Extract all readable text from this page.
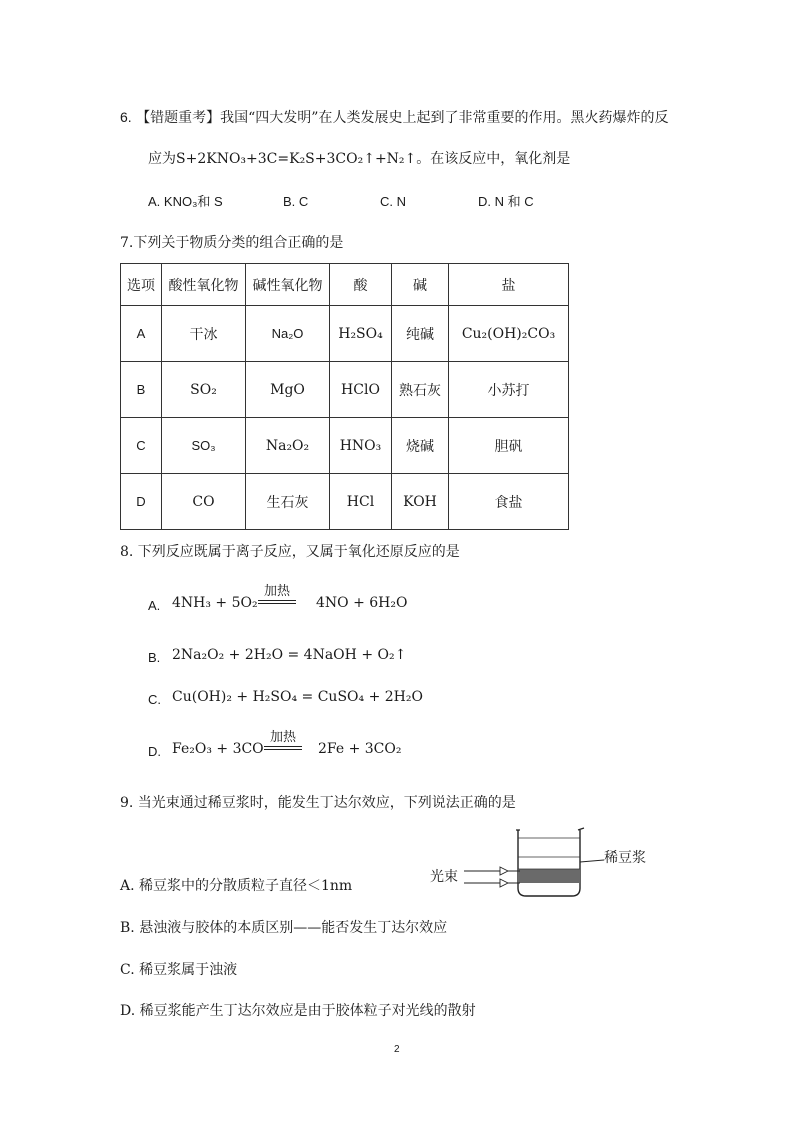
6. 【错题重考】我国“四大发明”在人类发展史上起到了非常重要的作用。黑火药爆炸的反
应为S+2KNO₃+3C=K₂S+3CO₂↑+N₂↑。在该反应中，氧化剂是
A. KNO₃和 S	B. C	C. N	D. N 和 C
7.下列关于物质分类的组合正确的是
选项	酸性氧化物	碱性氧化物	酸	碱	盐
A	干冰	Na₂O	H₂SO₄	纯碱	Cu₂(OH)₂CO₃
B	SO₂	MgO	HClO	熟石灰	小苏打
C	SO₃	Na₂O₂	HNO₃	烧碱	胆矾
D	CO	生石灰	HCl	KOH	食盐
8. 下列反应既属于离子反应，又属于氧化还原反应的是
A. 4NH₃ + 5O₂
加热
4NO + 6H₂O
B. 2Na₂O₂ + 2H₂O = 4NaOH + O₂↑
C. Cu(OH)₂ + H₂SO₄ = CuSO₄ + 2H₂O
D. Fe₂O₃ + 3CO
加热
2Fe + 3CO₂
9. 当光束通过稀豆浆时，能发生丁达尔效应，下列说法正确的是
光束
稀豆浆
A. 稀豆浆中的分散质粒子直径＜1nm
B. 悬浊液与胶体的本质区别——能否发生丁达尔效应
C. 稀豆浆属于浊液
D. 稀豆浆能产生丁达尔效应是由于胶体粒子对光线的散射
2
